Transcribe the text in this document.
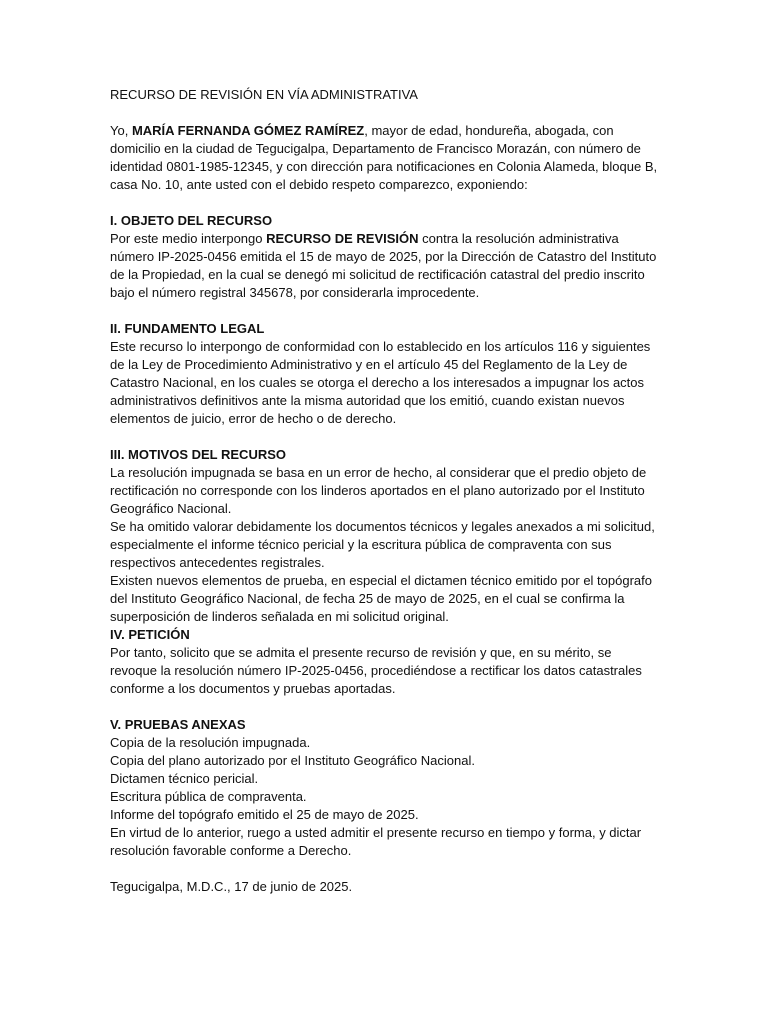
RECURSO DE REVISIÓN EN VÍA ADMINISTRATIVA

Yo, MARÍA FERNANDA GÓMEZ RAMÍREZ, mayor de edad, hondureña, abogada, con domicilio en la ciudad de Tegucigalpa, Departamento de Francisco Morazán, con número de identidad 0801-1985-12345, y con dirección para notificaciones en Colonia Alameda, bloque B, casa No. 10, ante usted con el debido respeto comparezco, exponiendo:

I. OBJETO DEL RECURSO

Por este medio interpongo RECURSO DE REVISIÓN contra la resolución administrativa número IP-2025-0456 emitida el 15 de mayo de 2025, por la Dirección de Catastro del Instituto de la Propiedad, en la cual se denegó mi solicitud de rectificación catastral del predio inscrito bajo el número registral 345678, por considerarla improcedente.

II. FUNDAMENTO LEGAL

Este recurso lo interpongo de conformidad con lo establecido en los artículos 116 y siguientes de la Ley de Procedimiento Administrativo y en el artículo 45 del Reglamento de la Ley de Catastro Nacional, en los cuales se otorga el derecho a los interesados a impugnar los actos administrativos definitivos ante la misma autoridad que los emitió, cuando existan nuevos elementos de juicio, error de hecho o de derecho.

III. MOTIVOS DEL RECURSO

La resolución impugnada se basa en un error de hecho, al considerar que el predio objeto de rectificación no corresponde con los linderos aportados en el plano autorizado por el Instituto Geográfico Nacional.

Se ha omitido valorar debidamente los documentos técnicos y legales anexados a mi solicitud, especialmente el informe técnico pericial y la escritura pública de compraventa con sus respectivos antecedentes registrales.

Existen nuevos elementos de prueba, en especial el dictamen técnico emitido por el topógrafo del Instituto Geográfico Nacional, de fecha 25 de mayo de 2025, en el cual se confirma la superposición de linderos señalada en mi solicitud original.

IV. PETICIÓN

Por tanto, solicito que se admita el presente recurso de revisión y que, en su mérito, se revoque la resolución número IP-2025-0456, procediéndose a rectificar los datos catastrales conforme a los documentos y pruebas aportadas.

V. PRUEBAS ANEXAS

Copia de la resolución impugnada.

Copia del plano autorizado por el Instituto Geográfico Nacional.

Dictamen técnico pericial.

Escritura pública de compraventa.

Informe del topógrafo emitido el 25 de mayo de 2025.

En virtud de lo anterior, ruego a usted admitir el presente recurso en tiempo y forma, y dictar resolución favorable conforme a Derecho.

Tegucigalpa, M.D.C., 17 de junio de 2025.
